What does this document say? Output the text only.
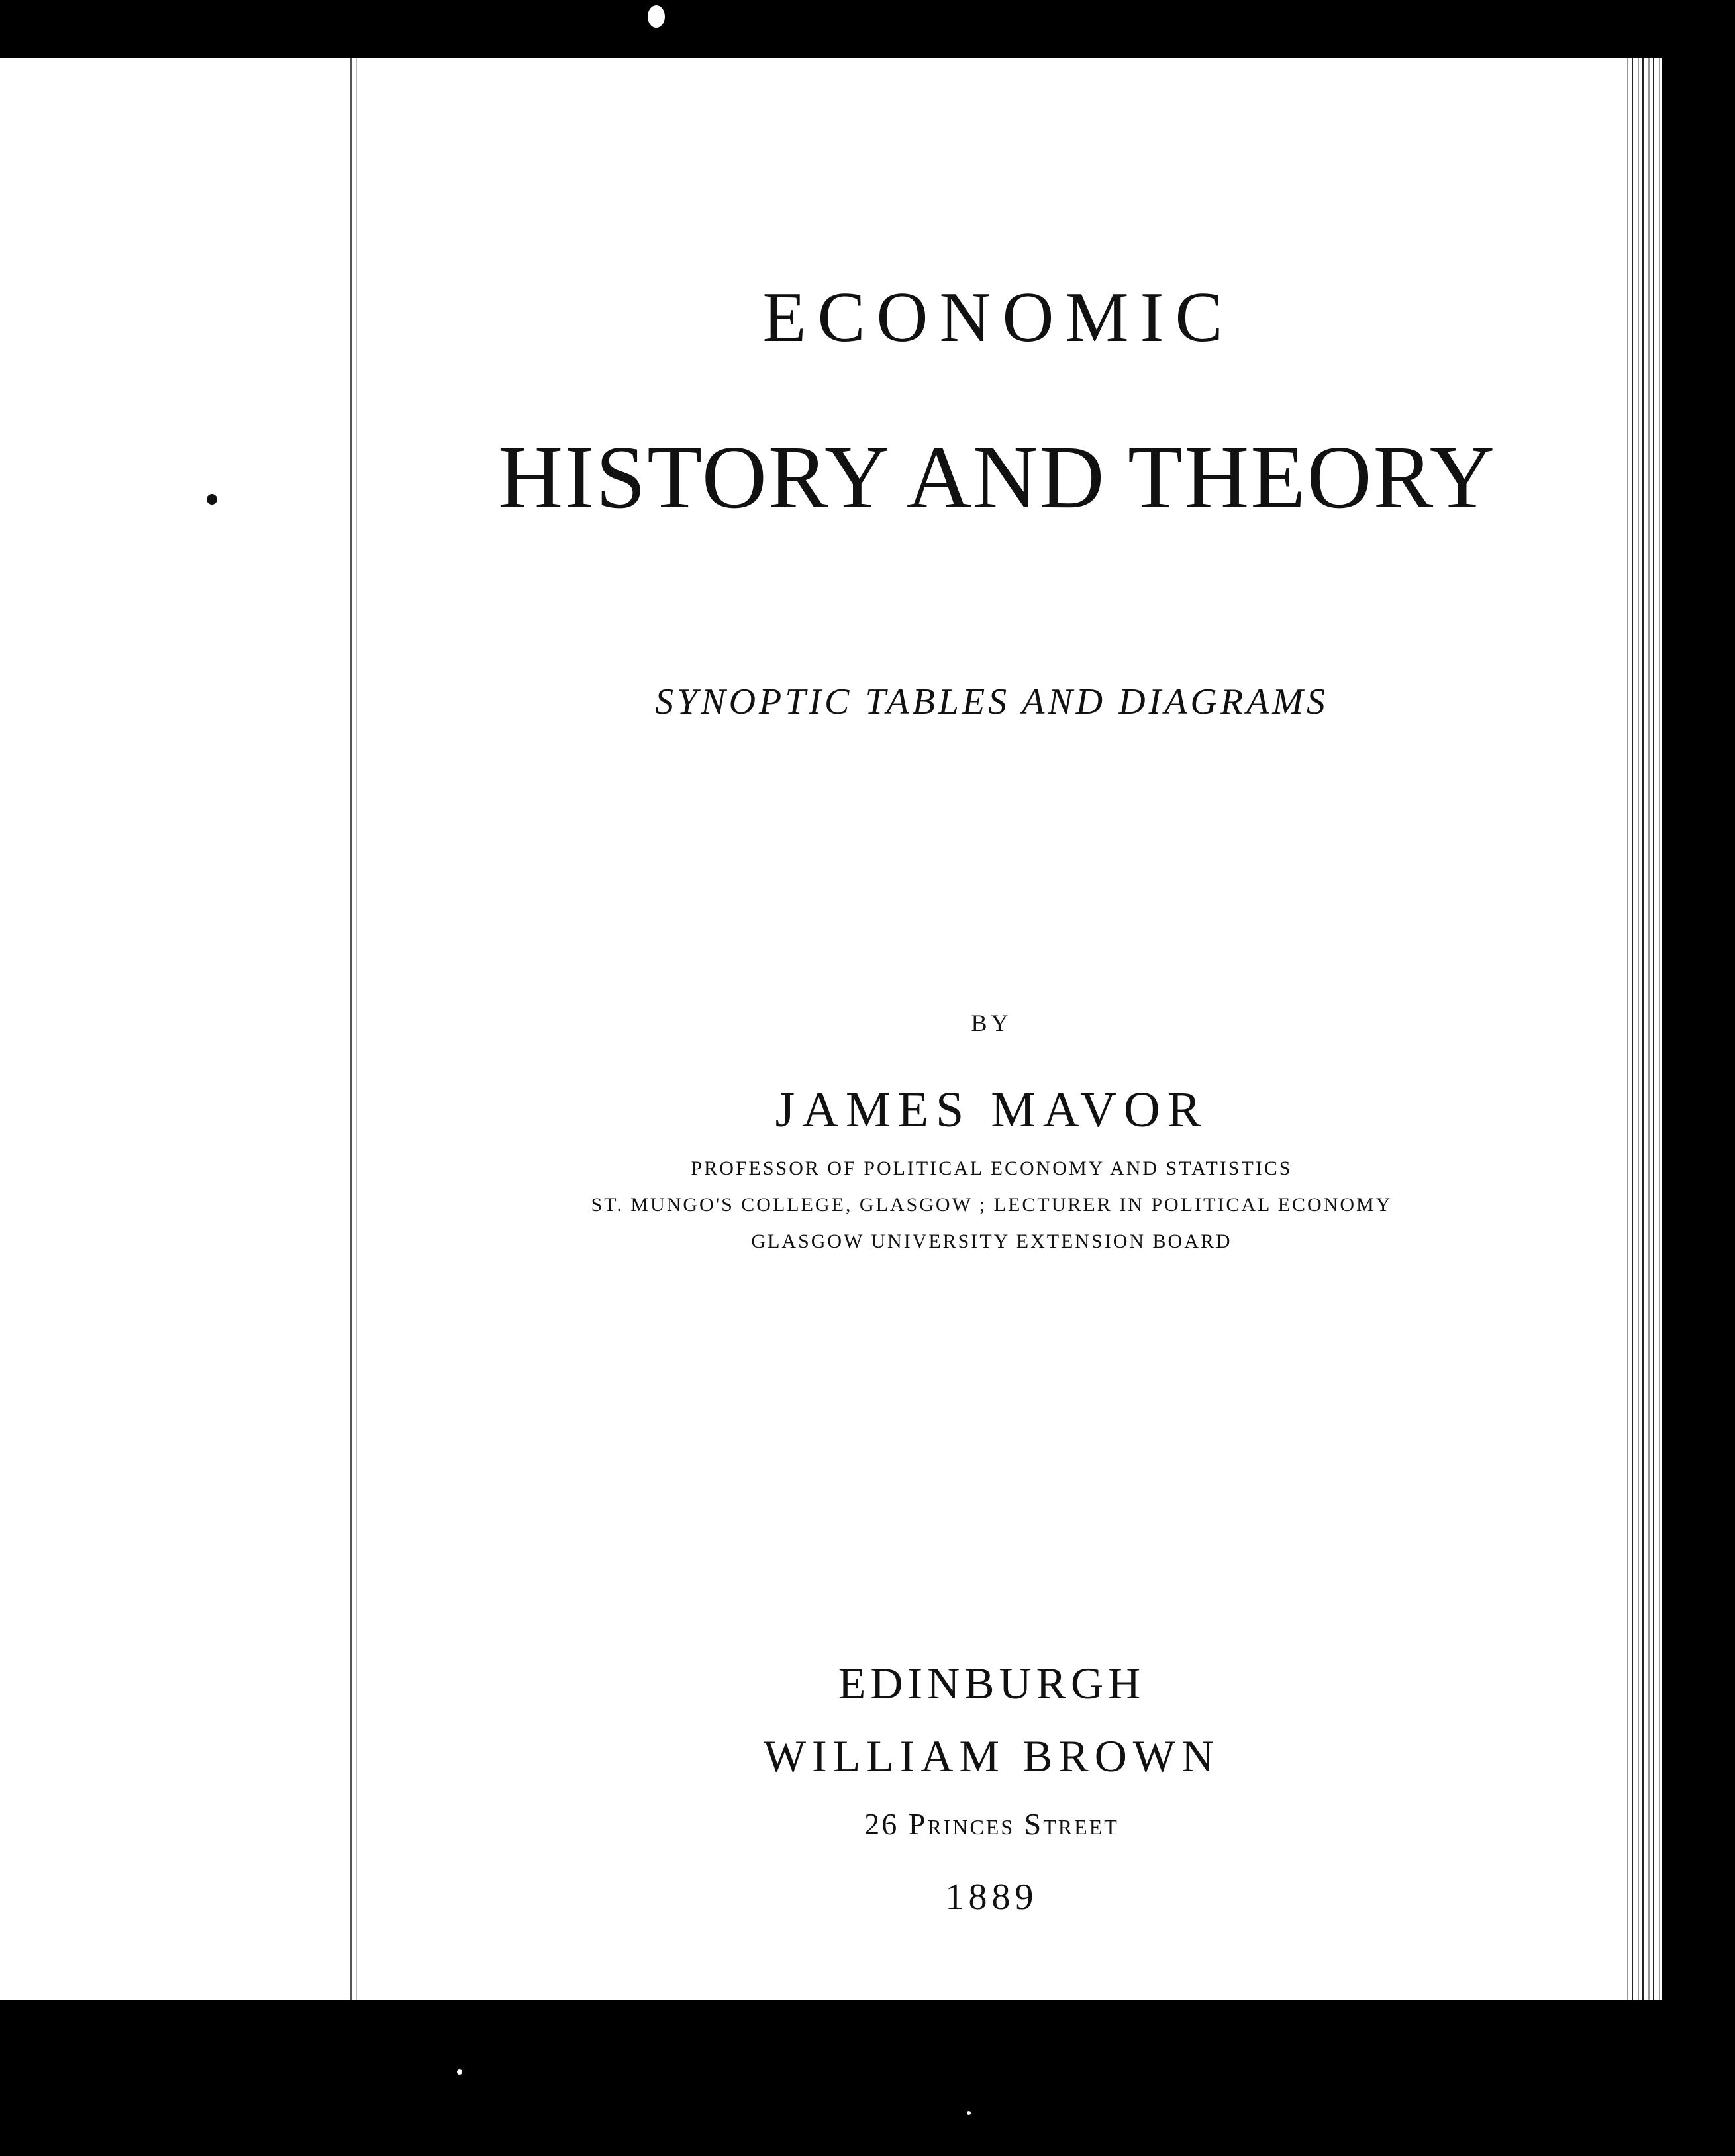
ECONOMIC
HISTORY AND THEORY
SYNOPTIC TABLES AND DIAGRAMS
BY
JAMES MAVOR
PROFESSOR OF POLITICAL ECONOMY AND STATISTICS
ST. MUNGO'S COLLEGE, GLASGOW ; LECTURER IN POLITICAL ECONOMY
GLASGOW UNIVERSITY EXTENSION BOARD
EDINBURGH
WILLIAM BROWN
26 Princes Street
1889
